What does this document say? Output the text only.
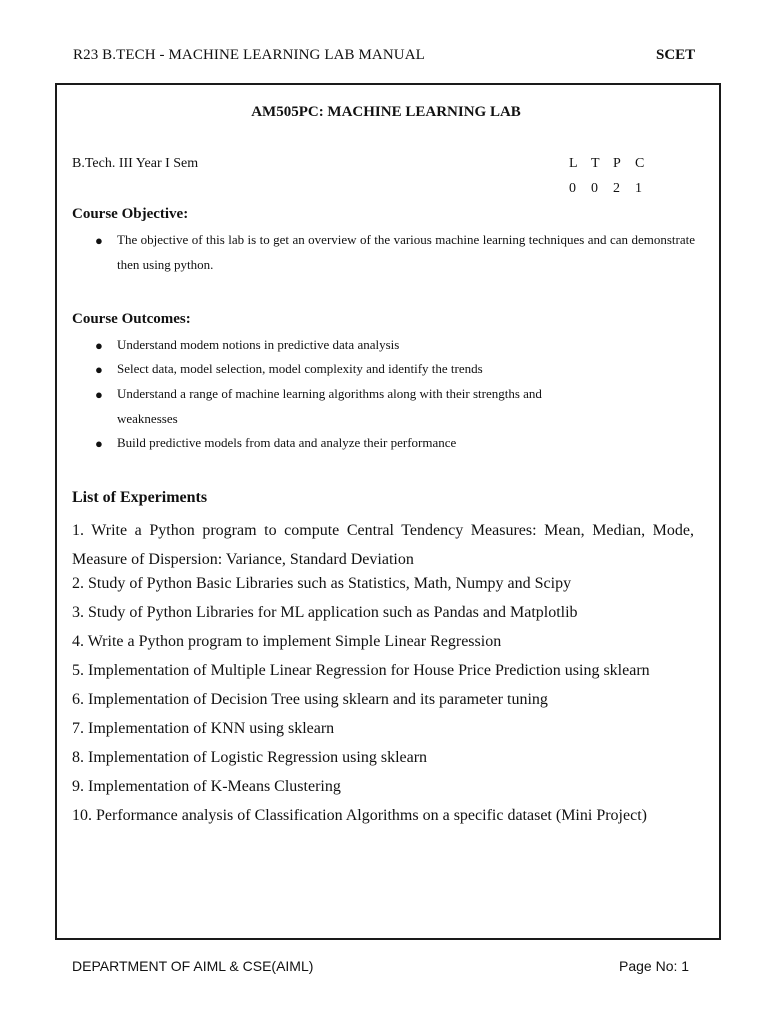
R23 B.TECH - MACHINE LEARNING LAB MANUAL	SCET
AM505PC: MACHINE LEARNING LAB
B.Tech. III Year I Sem	L T P C
0 0 2 1
Course Objective:
● The objective of this lab is to get an overview of the various machine learning techniques and can demonstrate then using python.
Course Outcomes:
● Understand modem notions in predictive data analysis
● Select data, model selection, model complexity and identify the trends
● Understand a range of machine learning algorithms along with their strengths and weaknesses
● Build predictive models from data and analyze their performance
List of Experiments
1. Write a Python program to compute Central Tendency Measures: Mean, Median, Mode, Measure of Dispersion: Variance, Standard Deviation
2. Study of Python Basic Libraries such as Statistics, Math, Numpy and Scipy
3. Study of Python Libraries for ML application such as Pandas and Matplotlib
4. Write a Python program to implement Simple Linear Regression
5. Implementation of Multiple Linear Regression for House Price Prediction using sklearn
6. Implementation of Decision Tree using sklearn and its parameter tuning
7. Implementation of KNN using sklearn
8. Implementation of Logistic Regression using sklearn
9. Implementation of K-Means Clustering
10. Performance analysis of Classification Algorithms on a specific dataset (Mini Project)
DEPARTMENT OF AIML & CSE(AIML)	Page No: 1
